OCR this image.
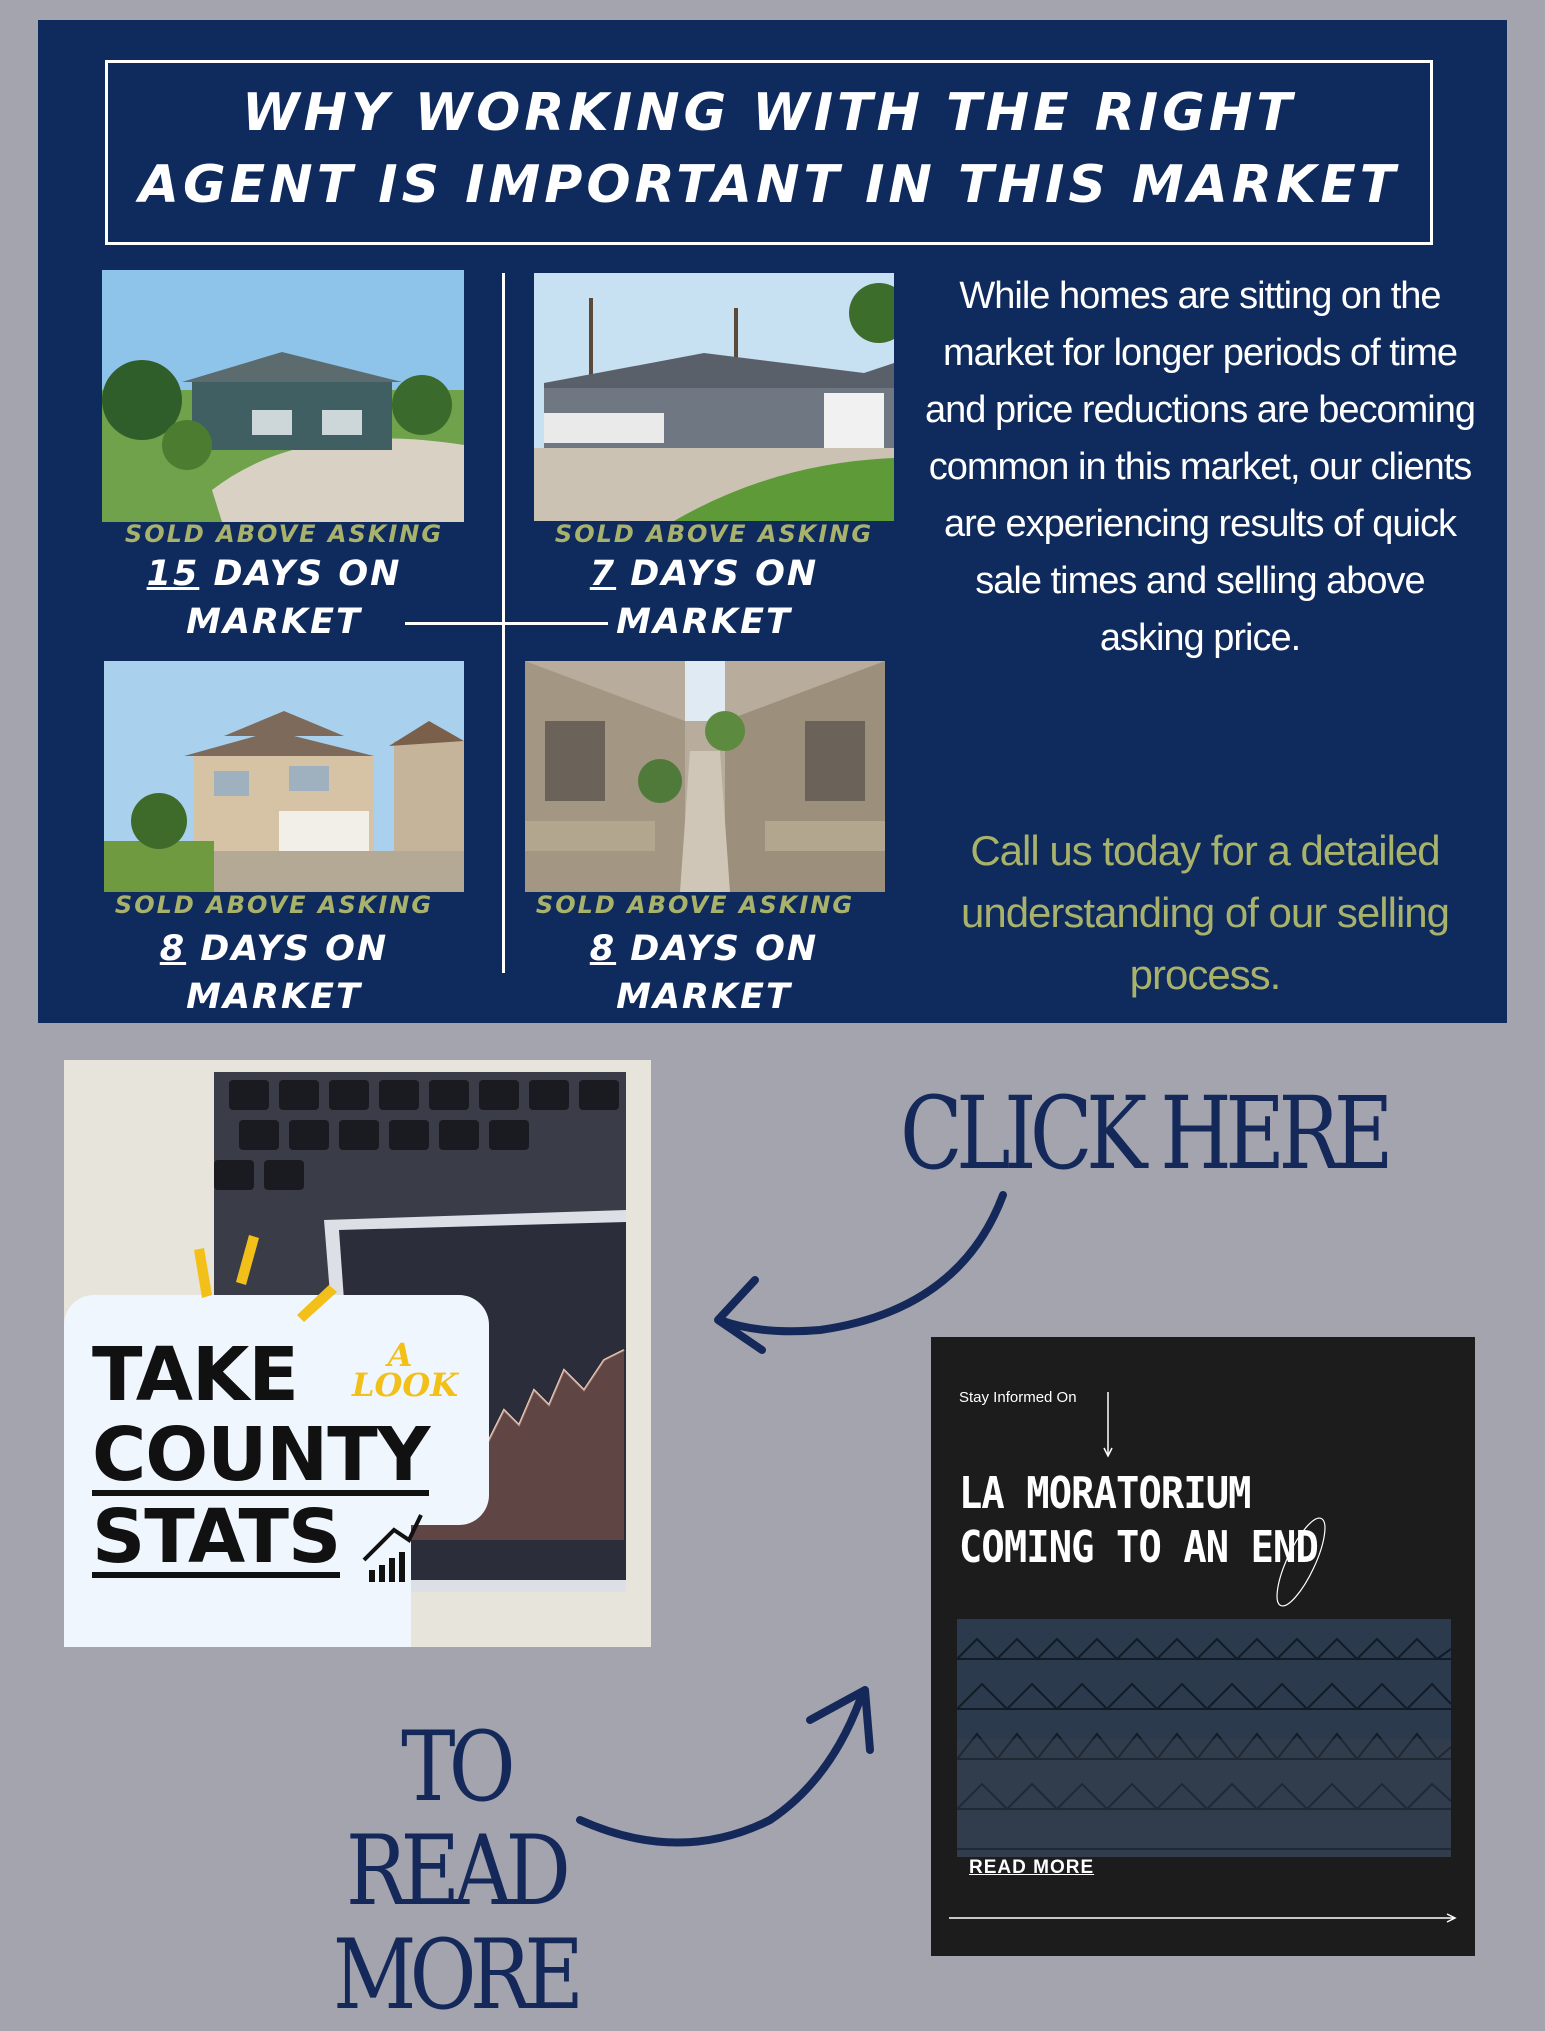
WHY WORKING WITH THE RIGHT
AGENT IS IMPORTANT IN THIS MARKET
SOLD ABOVE ASKING
15 DAYS ON
MARKET
SOLD ABOVE ASKING
7 DAYS ON
MARKET
SOLD ABOVE ASKING
8 DAYS ON
MARKET
SOLD ABOVE ASKING
8 DAYS ON
MARKET
While homes are sitting on the market for longer periods of time and price reductions are becoming common in this market, our clients are experiencing results of quick sale times and selling above asking price.
Call us today for a detailed understanding of our selling process.
TAKE
COUNTY
STATS
A
LOOK
CLICK HERE
TO READ
MORE
Stay Informed On
LA MORATORIUM
COMING TO AN END
READ MORE
